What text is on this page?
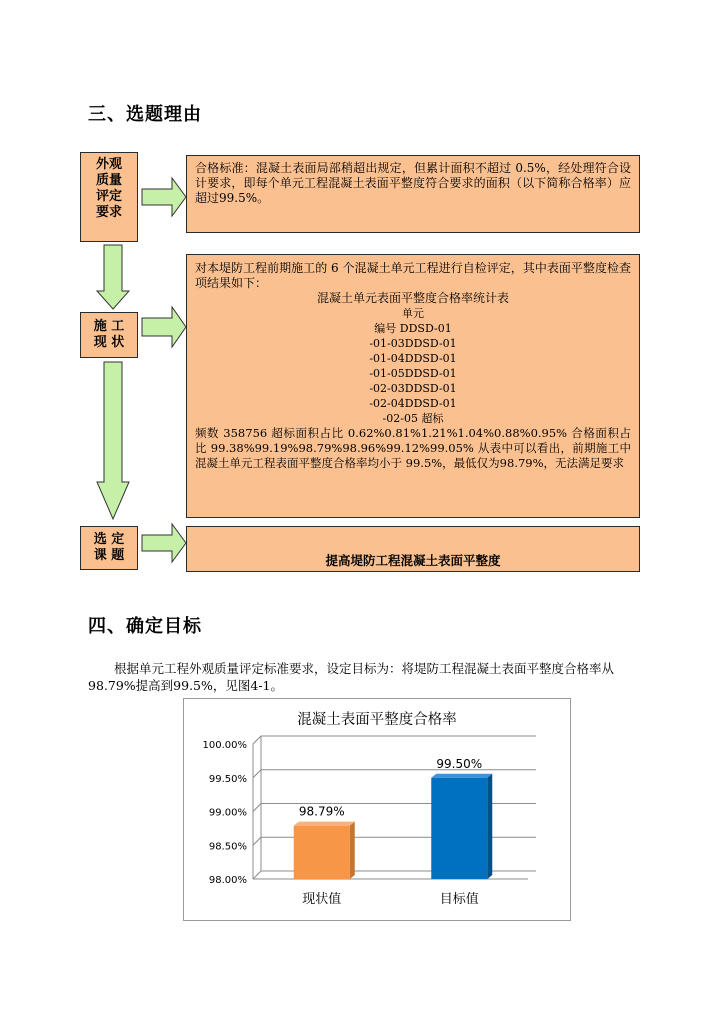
三、选题理由
外观
质量
评定
要求
合格标准：混凝土表面局部稍超出规定，但累计面积不超过 0.5%，经处理符合设计要求，即每个单元工程混凝土表面平整度符合要求的面积（以下简称合格率）应超过99.5%。
施 工
现 状
对本堤防工程前期施工的 6 个混凝土单元工程进行自检评定，其中表面平整度检查项结果如下：
混凝土单元表面平整度合格率统计表
单元
编号 DDSD-01
-01-03DDSD-01
-01-04DDSD-01
-01-05DDSD-01
-02-03DDSD-01
-02-04DDSD-01
-02-05 超标
频数 358756 超标面积占比 0.62%0.81%1.21%1.04%0.88%0.95% 合格面积占比 99.38%99.19%98.79%98.96%99.12%99.05% 从表中可以看出，前期施工中混凝土单元工程表面平整度合格率均小于 99.5%，最低仅为98.79%，无法满足要求
选 定
课 题	提高堤防工程混凝土表面平整度
四、确定目标
根据单元工程外观质量评定标准要求，设定目标为：将堤防工程混凝土表面平整度合格率从98.79%提高到99.5%，见图4-1。
混凝土表面平整度合格率
98.00%
98.50%
99.00%
99.50%
100.00%
98.79%
99.50%
现状值	目标值
